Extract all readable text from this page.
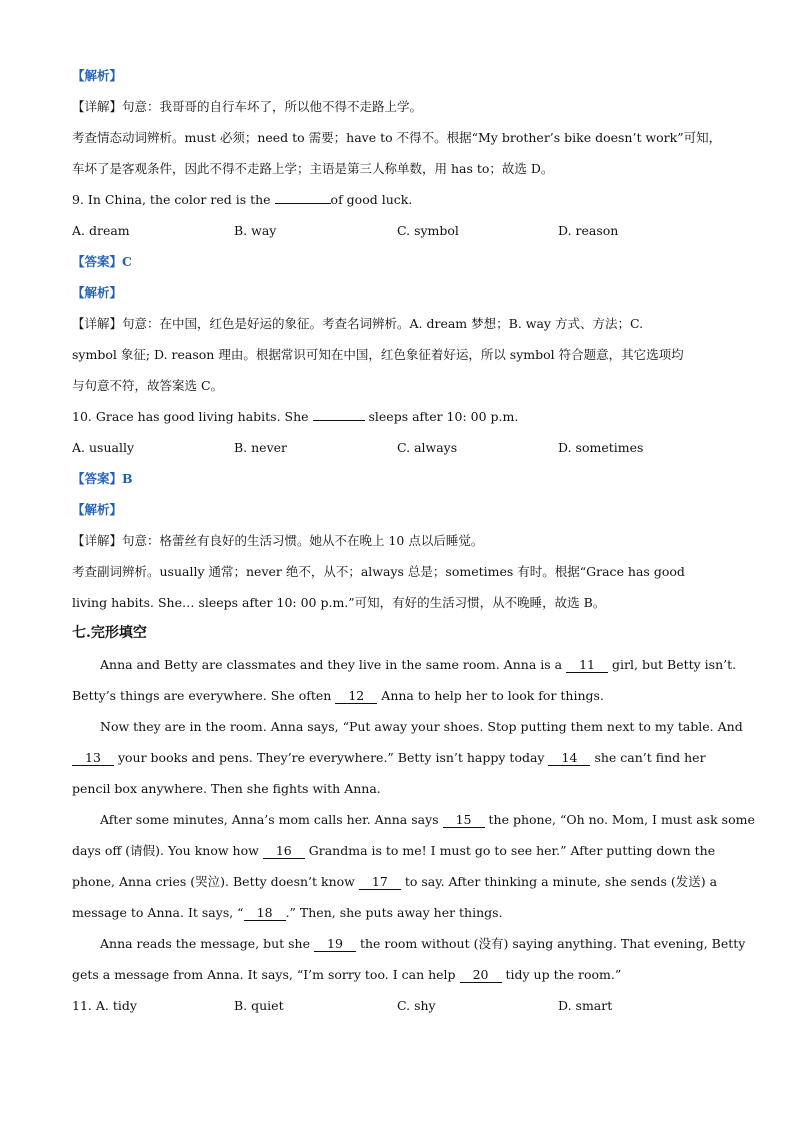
【解析】
【详解】句意：我哥哥的自行车坏了，所以他不得不走路上学。
考查情态动词辨析。must 必须；need to 需要；have to 不得不。根据“My brother’s bike doesn’t work”可知，
车坏了是客观条件，因此不得不走路上学；主语是第三人称单数，用 has to；故选 D。
9. In China, the color red is the	of good luck.
A. dream	B. way	C. symbol	D. reason
【答案】C
【解析】
【详解】句意：在中国，红色是好运的象征。考查名词辨析。A. dream 梦想；B. way 方式、方法；C.
symbol 象征; D. reason 理由。根据常识可知在中国，红色象征着好运，所以 symbol 符合题意，其它选项均
与句意不符，故答案选 C。
10. Grace has good living habits. She	sleeps after 10: 00 p.m.
A. usually	B. never	C. always	D. sometimes
【答案】B
【解析】
【详解】句意：格蕾丝有良好的生活习惯。她从不在晚上 10 点以后睡觉。
考查副词辨析。usually 通常；never 绝不，从不；always 总是；sometimes 有时。根据“Grace has good
living habits. She… sleeps after 10: 00 p.m.”可知，有好的生活习惯，从不晚睡，故选 B。
七.完形填空
Anna and Betty are classmates and they live in the same room. Anna is a 11 girl, but Betty isn’t.
Betty’s things are everywhere. She often 12 Anna to help her to look for things.
Now they are in the room. Anna says, “Put away your shoes. Stop putting them next to my table. And
13 your books and pens. They’re everywhere.” Betty isn’t happy today 14 she can’t find her
pencil box anywhere. Then she fights with Anna.
After some minutes, Anna’s mom calls her. Anna says 15 the phone, “Oh no. Mom, I must ask some
days off (请假). You know how 16 Grandma is to me! I must go to see her.” After putting down the
phone, Anna cries (哭泣). Betty doesn’t know 17 to say. After thinking a minute, she sends (发送) a
message to Anna. It says, “ 18 .” Then, she puts away her things.
Anna reads the message, but she 19 the room without (没有) saying anything. That evening, Betty
gets a message from Anna. It says, “I’m sorry too. I can help 20 tidy up the room.”
11. A. tidy	B. quiet	C. shy	D. smart
